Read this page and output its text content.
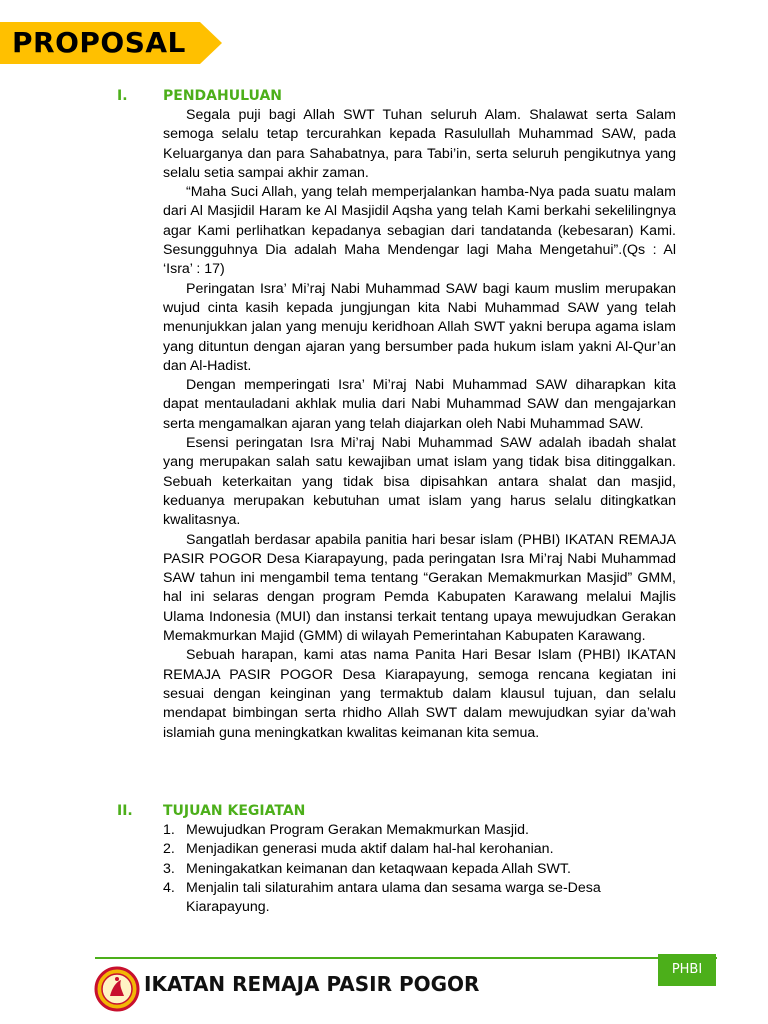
PROPOSAL
I.	PENDAHULUAN

Segala puji bagi Allah SWT Tuhan seluruh Alam. Shalawat serta Salam semoga selalu tetap tercurahkan kepada Rasulullah Muhammad SAW, pada Keluarganya dan para Sahabatnya, para Tabi’in, serta seluruh pengikutnya yang selalu setia sampai akhir zaman.

“Maha Suci Allah, yang telah memperjalankan hamba-Nya pada suatu malam dari Al Masjidil Haram ke Al Masjidil Aqsha yang telah Kami berkahi sekelilingnya agar Kami perlihatkan kepadanya sebagian dari tandatanda (kebesaran) Kami. Sesungguhnya Dia adalah Maha Mendengar lagi Maha Mengetahui”.(Qs : Al ‘Isra’ : 17)

Peringatan Isra’ Mi’raj Nabi Muhammad SAW bagi kaum muslim merupakan wujud cinta kasih kepada jungjungan kita Nabi Muhammad SAW yang telah menunjukkan jalan yang menuju keridhoan Allah SWT yakni berupa agama islam yang dituntun dengan ajaran yang bersumber pada hukum islam yakni Al-Qur’an dan Al-Hadist.

Dengan memperingati Isra’ Mi’raj Nabi Muhammad SAW diharapkan kita dapat mentauladani akhlak mulia dari Nabi Muhammad SAW dan mengajarkan serta mengamalkan ajaran yang telah diajarkan oleh Nabi Muhammad SAW.

Esensi peringatan Isra Mi’raj Nabi Muhammad SAW adalah ibadah shalat yang merupakan salah satu kewajiban umat islam yang tidak bisa ditinggalkan. Sebuah keterkaitan yang tidak bisa dipisahkan antara shalat dan masjid, keduanya merupakan kebutuhan umat islam yang harus selalu ditingkatkan kwalitasnya.

Sangatlah berdasar apabila panitia hari besar islam (PHBI) IKATAN REMAJA PASIR POGOR Desa Kiarapayung, pada peringatan Isra Mi’raj Nabi Muhammad SAW tahun ini mengambil tema tentang “Gerakan Memakmurkan Masjid” GMM, hal ini selaras dengan program Pemda Kabupaten Karawang melalui Majlis Ulama Indonesia (MUI) dan instansi terkait tentang upaya mewujudkan Gerakan Memakmurkan Majid (GMM) di wilayah Pemerintahan Kabupaten Karawang.

Sebuah harapan, kami atas nama Panita Hari Besar Islam (PHBI) IKATAN REMAJA PASIR POGOR Desa Kiarapayung, semoga rencana kegiatan ini sesuai dengan keinginan yang termaktub dalam klausul tujuan, dan selalu mendapat bimbingan serta rhidho Allah SWT dalam mewujudkan syiar da’wah islamiah guna meningkatkan kwalitas keimanan kita semua.

II. TUJUAN KEGIATAN
1. Mewujudkan Program Gerakan Memakmurkan Masjid.
2. Menjadikan generasi muda aktif dalam hal-hal kerohanian.
3. Meningakatkan keimanan dan ketaqwaan kepada Allah SWT.
4. Menjalin tali silaturahim antara ulama dan sesama warga se-Desa Kiarapayung.
PHBI
IKATAN REMAJA PASIR POGOR
